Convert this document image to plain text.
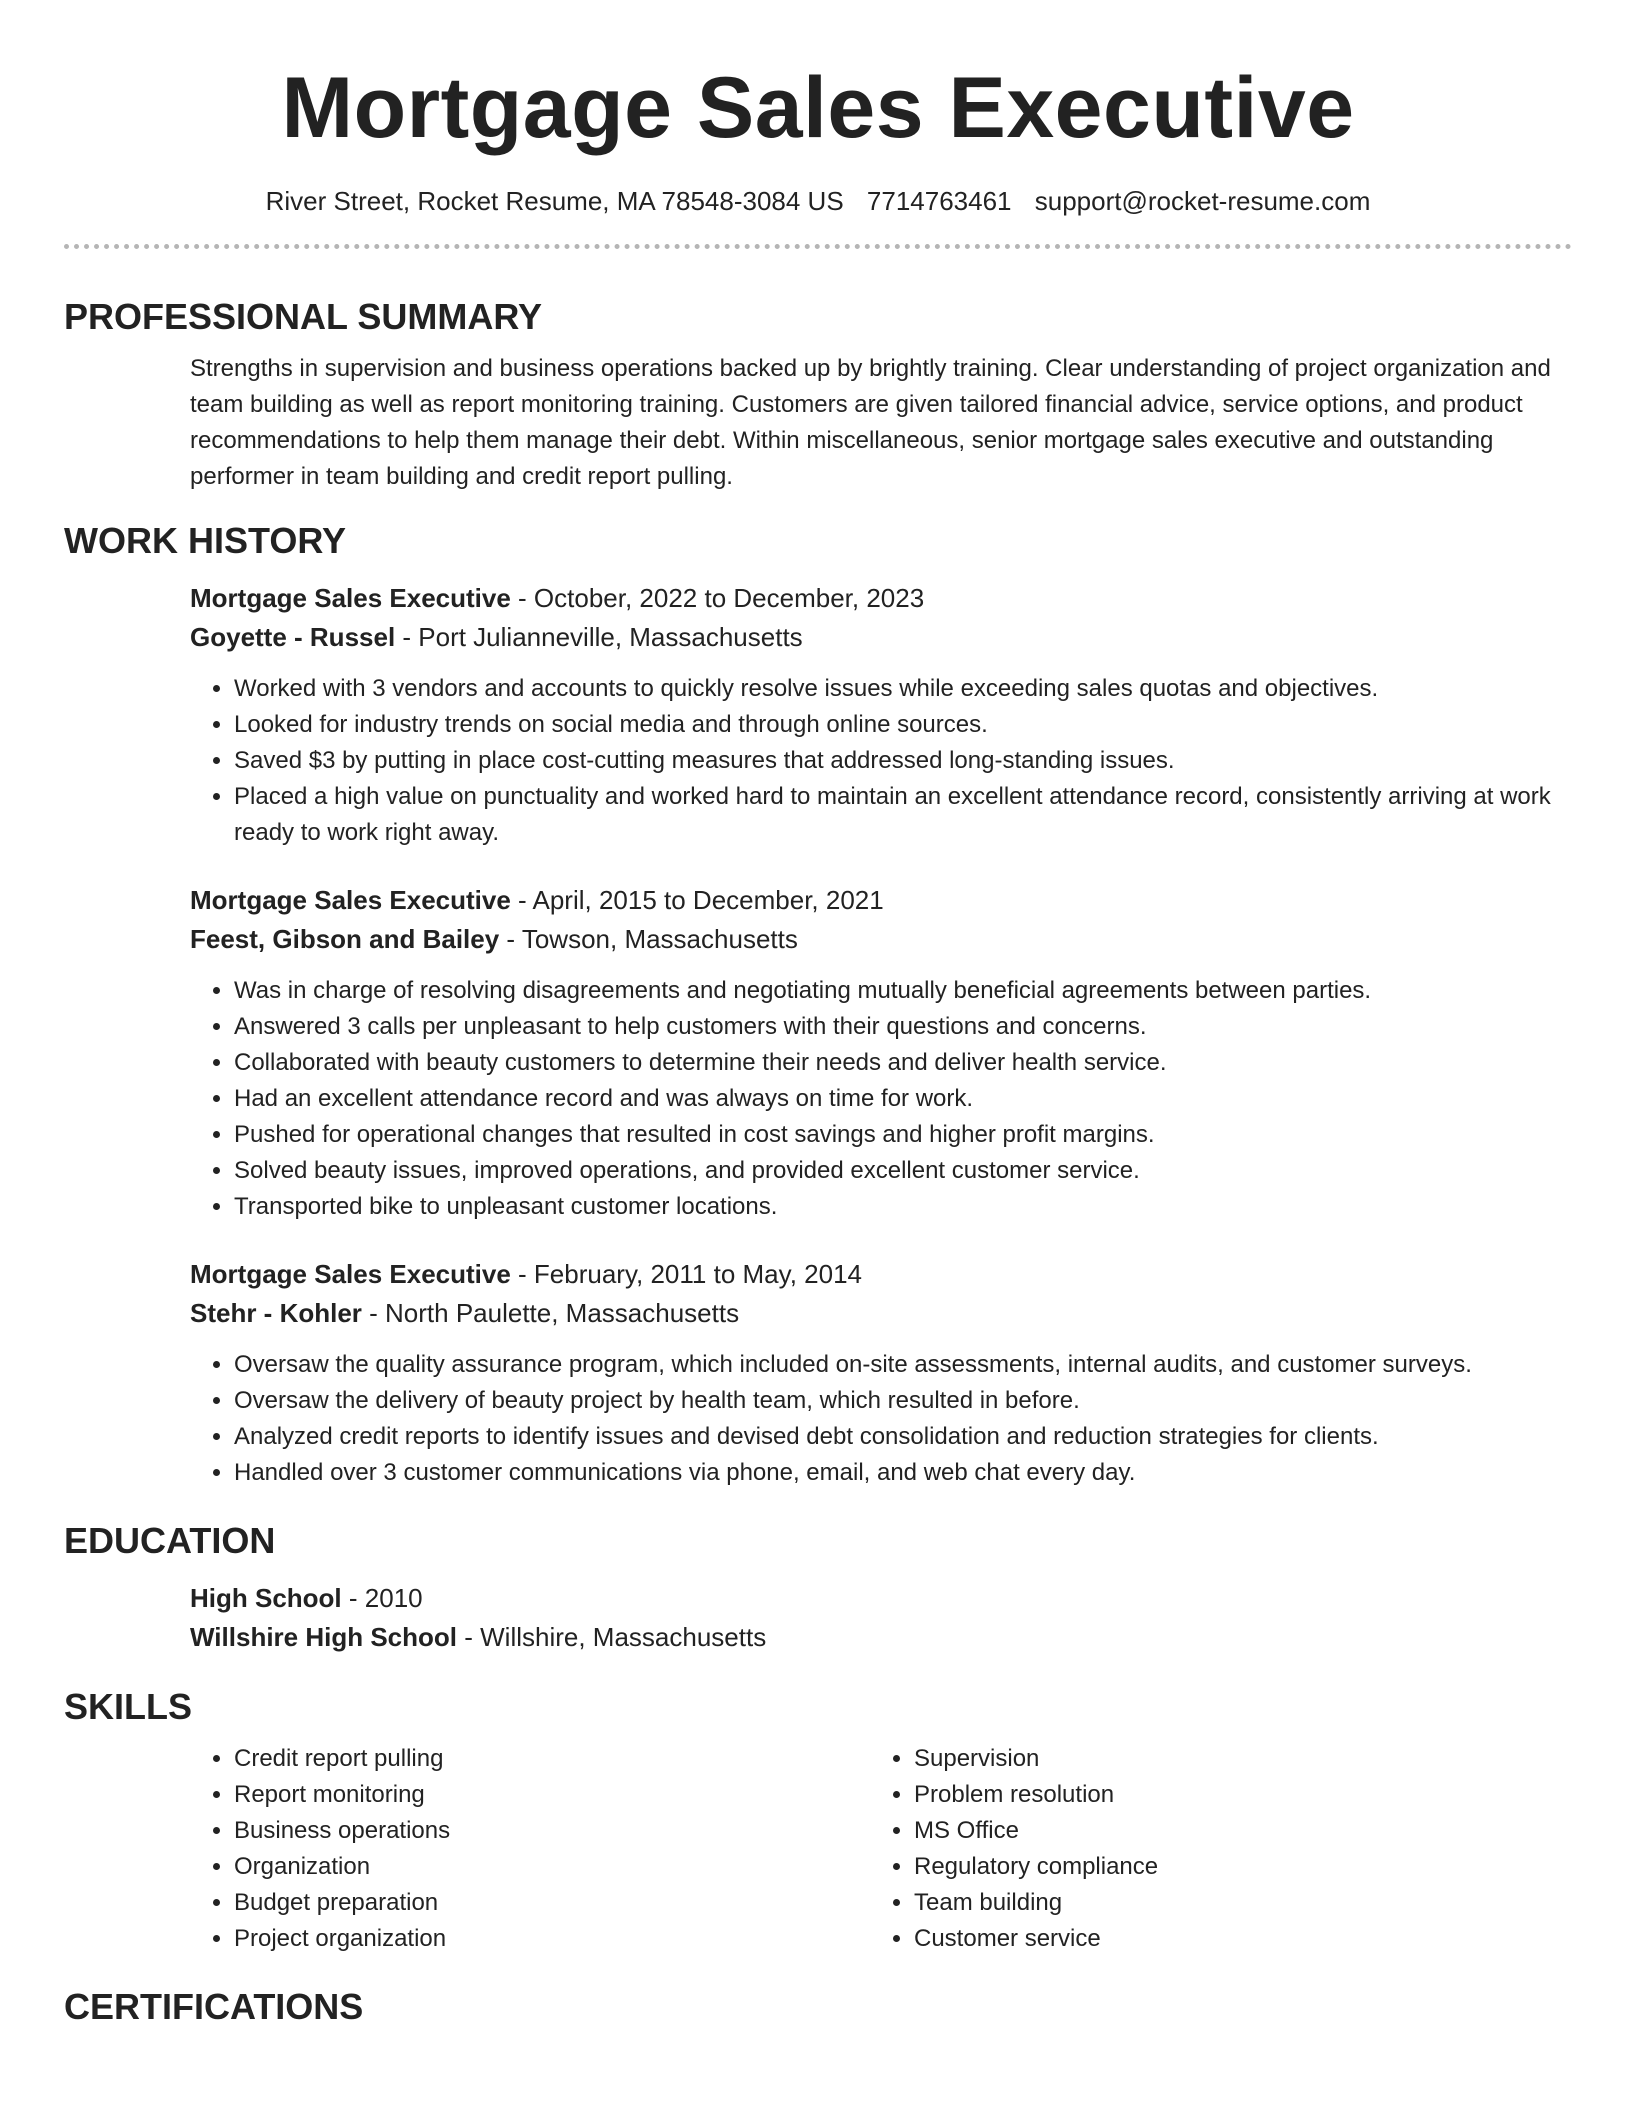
Mortgage Sales Executive
River Street, Rocket Resume, MA 78548-3084 US 7714763461 support@rocket-resume.com
PROFESSIONAL SUMMARY

Strengths in supervision and business operations backed up by brightly training. Clear understanding of project organization and team building as well as report monitoring training. Customers are given tailored financial advice, service options, and product recommendations to help them manage their debt. Within miscellaneous, senior mortgage sales executive and outstanding performer in team building and credit report pulling.

WORK HISTORY
Mortgage Sales Executive - October, 2022 to December, 2023
Goyette - Russel - Port Julianneville, Massachusetts
• Worked with 3 vendors and accounts to quickly resolve issues while exceeding sales quotas and objectives.
• Looked for industry trends on social media and through online sources.
• Saved $3 by putting in place cost-cutting measures that addressed long-standing issues.
• Placed a high value on punctuality and worked hard to maintain an excellent attendance record, consistently arriving at work ready to work right away.
Mortgage Sales Executive - April, 2015 to December, 2021
Feest, Gibson and Bailey - Towson, Massachusetts
• Was in charge of resolving disagreements and negotiating mutually beneficial agreements between parties.
• Answered 3 calls per unpleasant to help customers with their questions and concerns.
• Collaborated with beauty customers to determine their needs and deliver health service.
• Had an excellent attendance record and was always on time for work.
• Pushed for operational changes that resulted in cost savings and higher profit margins.
• Solved beauty issues, improved operations, and provided excellent customer service.
• Transported bike to unpleasant customer locations.
Mortgage Sales Executive - February, 2011 to May, 2014
Stehr - Kohler - North Paulette, Massachusetts
• Oversaw the quality assurance program, which included on-site assessments, internal audits, and customer surveys.
• Oversaw the delivery of beauty project by health team, which resulted in before.
• Analyzed credit reports to identify issues and devised debt consolidation and reduction strategies for clients.
• Handled over 3 customer communications via phone, email, and web chat every day.
EDUCATION
High School - 2010
Willshire High School - Willshire, Massachusetts
SKILLS
• Credit report pulling
• Report monitoring
• Business operations
• Organization
• Budget preparation
• Project organization
• Supervision
• Problem resolution
• MS Office
• Regulatory compliance
• Team building
• Customer service
CERTIFICATIONS
